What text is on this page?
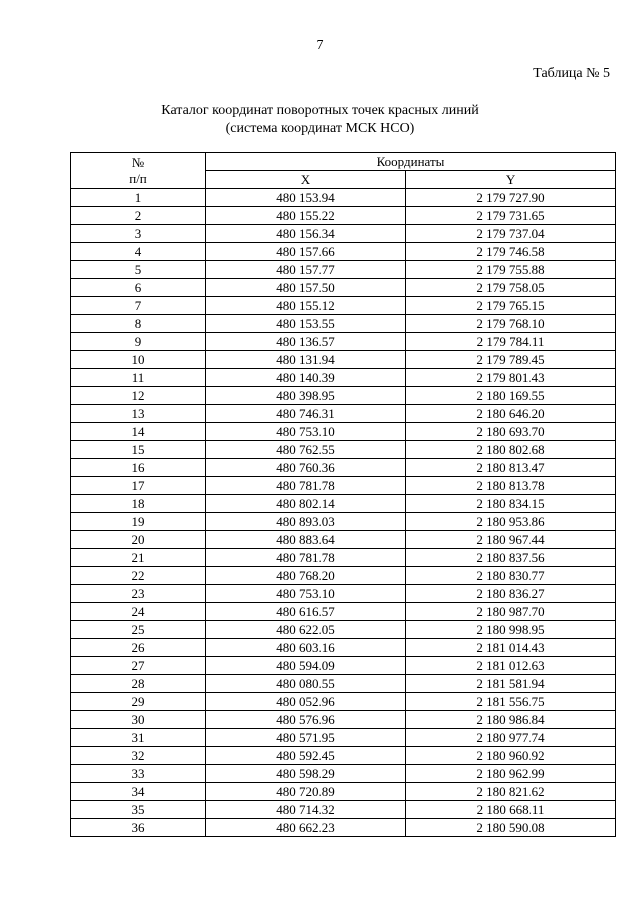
7
Таблица № 5
Каталог координат поворотных точек красных линий
(система координат МСК НСО)
№
п/п	Координаты	
	X	Y
1	480 153.94	2 179 727.90
2	480 155.22	2 179 731.65
3	480 156.34	2 179 737.04
4	480 157.66	2 179 746.58
5	480 157.77	2 179 755.88
6	480 157.50	2 179 758.05
7	480 155.12	2 179 765.15
8	480 153.55	2 179 768.10
9	480 136.57	2 179 784.11
10	480 131.94	2 179 789.45
11	480 140.39	2 179 801.43
12	480 398.95	2 180 169.55
13	480 746.31	2 180 646.20
14	480 753.10	2 180 693.70
15	480 762.55	2 180 802.68
16	480 760.36	2 180 813.47
17	480 781.78	2 180 813.78
18	480 802.14	2 180 834.15
19	480 893.03	2 180 953.86
20	480 883.64	2 180 967.44
21	480 781.78	2 180 837.56
22	480 768.20	2 180 830.77
23	480 753.10	2 180 836.27
24	480 616.57	2 180 987.70
25	480 622.05	2 180 998.95
26	480 603.16	2 181 014.43
27	480 594.09	2 181 012.63
28	480 080.55	2 181 581.94
29	480 052.96	2 181 556.75
30	480 576.96	2 180 986.84
31	480 571.95	2 180 977.74
32	480 592.45	2 180 960.92
33	480 598.29	2 180 962.99
34	480 720.89	2 180 821.62
35	480 714.32	2 180 668.11
36	480 662.23	2 180 590.08
